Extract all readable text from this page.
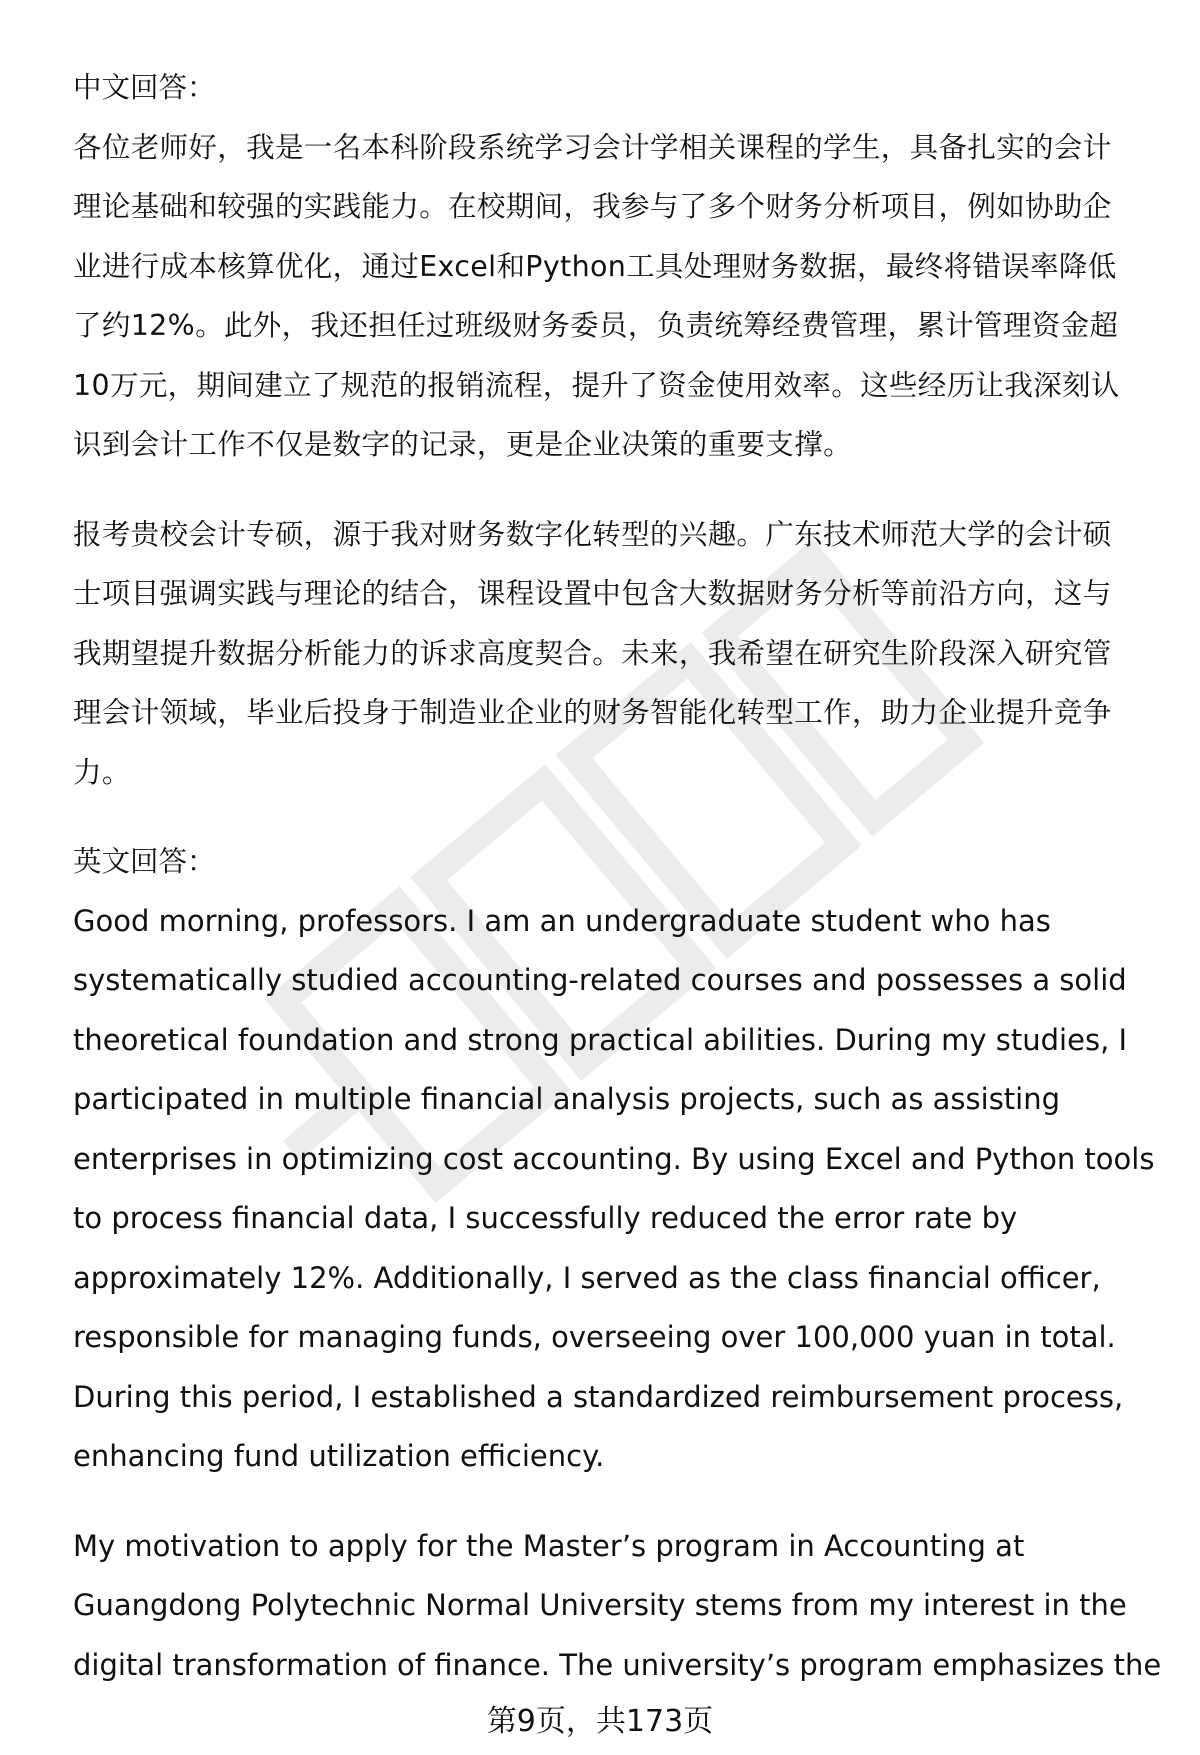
中文回答：
各位老师好，我是一名本科阶段系统学习会计学相关课程的学生，具备扎实的会计
理论基础和较强的实践能力。在校期间，我参与了多个财务分析项目，例如协助企
业进行成本核算优化，通过Excel和Python工具处理财务数据，最终将错误率降低
了约12%。此外，我还担任过班级财务委员，负责统筹经费管理，累计管理资金超
10万元，期间建立了规范的报销流程，提升了资金使用效率。这些经历让我深刻认
识到会计工作不仅是数字的记录，更是企业决策的重要支撑。
报考贵校会计专硕，源于我对财务数字化转型的兴趣。广东技术师范大学的会计硕
士项目强调实践与理论的结合，课程设置中包含大数据财务分析等前沿方向，这与
我期望提升数据分析能力的诉求高度契合。未来，我希望在研究生阶段深入研究管
理会计领域，毕业后投身于制造业企业的财务智能化转型工作，助力企业提升竞争
力。
英文回答：
Good morning, professors. I am an undergraduate student who has
systematically studied accounting-related courses and possesses a solid
theoretical foundation and strong practical abilities. During my studies, I
participated in multiple financial analysis projects, such as assisting
enterprises in optimizing cost accounting. By using Excel and Python tools
to process financial data, I successfully reduced the error rate by
approximately 12%. Additionally, I served as the class financial officer,
responsible for managing funds, overseeing over 100,000 yuan in total.
During this period, I established a standardized reimbursement process,
enhancing fund utilization efficiency.
My motivation to apply for the Master’s program in Accounting at
Guangdong Polytechnic Normal University stems from my interest in the
digital transformation of finance. The university’s program emphasizes the
第9页，共173页
